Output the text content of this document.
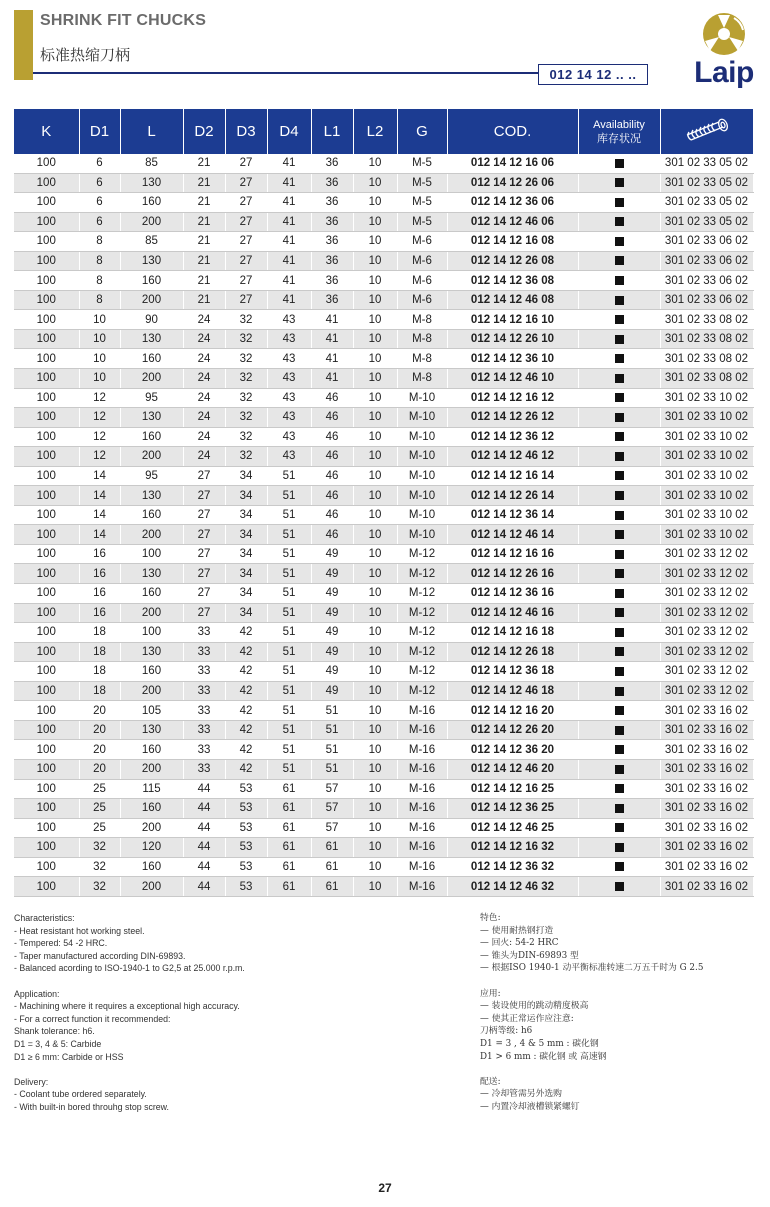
SHRINK FIT CHUCKS
标准热缩刀柄
012 14 12 .. ..	Laip
K	D1	L	D2	D3	D4	L1	L2	G	COD.	Availability
库存状况

100	6	85	21	27	41	36	10	M-5	012 14 12 16 06		301 02 33 05 02
100	6	130	21	27	41	36	10	M-5	012 14 12 26 06		301 02 33 05 02
100	6	160	21	27	41	36	10	M-5	012 14 12 36 06		301 02 33 05 02
100	6	200	21	27	41	36	10	M-5	012 14 12 46 06		301 02 33 05 02
100	8	85	21	27	41	36	10	M-6	012 14 12 16 08		301 02 33 06 02
100	8	130	21	27	41	36	10	M-6	012 14 12 26 08		301 02 33 06 02
100	8	160	21	27	41	36	10	M-6	012 14 12 36 08		301 02 33 06 02
100	8	200	21	27	41	36	10	M-6	012 14 12 46 08		301 02 33 06 02
100	10	90	24	32	43	41	10	M-8	012 14 12 16 10		301 02 33 08 02
100	10	130	24	32	43	41	10	M-8	012 14 12 26 10		301 02 33 08 02
100	10	160	24	32	43	41	10	M-8	012 14 12 36 10		301 02 33 08 02
100	10	200	24	32	43	41	10	M-8	012 14 12 46 10		301 02 33 08 02
100	12	95	24	32	43	46	10	M-10	012 14 12 16 12		301 02 33 10 02
100	12	130	24	32	43	46	10	M-10	012 14 12 26 12		301 02 33 10 02
100	12	160	24	32	43	46	10	M-10	012 14 12 36 12		301 02 33 10 02
100	12	200	24	32	43	46	10	M-10	012 14 12 46 12		301 02 33 10 02
100	14	95	27	34	51	46	10	M-10	012 14 12 16 14		301 02 33 10 02
100	14	130	27	34	51	46	10	M-10	012 14 12 26 14		301 02 33 10 02
100	14	160	27	34	51	46	10	M-10	012 14 12 36 14		301 02 33 10 02
100	14	200	27	34	51	46	10	M-10	012 14 12 46 14		301 02 33 10 02
100	16	100	27	34	51	49	10	M-12	012 14 12 16 16		301 02 33 12 02
100	16	130	27	34	51	49	10	M-12	012 14 12 26 16		301 02 33 12 02
100	16	160	27	34	51	49	10	M-12	012 14 12 36 16		301 02 33 12 02
100	16	200	27	34	51	49	10	M-12	012 14 12 46 16		301 02 33 12 02
100	18	100	33	42	51	49	10	M-12	012 14 12 16 18		301 02 33 12 02
100	18	130	33	42	51	49	10	M-12	012 14 12 26 18		301 02 33 12 02
100	18	160	33	42	51	49	10	M-12	012 14 12 36 18		301 02 33 12 02
100	18	200	33	42	51	49	10	M-12	012 14 12 46 18		301 02 33 12 02
100	20	105	33	42	51	51	10	M-16	012 14 12 16 20		301 02 33 16 02
100	20	130	33	42	51	51	10	M-16	012 14 12 26 20		301 02 33 16 02
100	20	160	33	42	51	51	10	M-16	012 14 12 36 20		301 02 33 16 02
100	20	200	33	42	51	51	10	M-16	012 14 12 46 20		301 02 33 16 02
100	25	115	44	53	61	57	10	M-16	012 14 12 16 25		301 02 33 16 02
100	25	160	44	53	61	57	10	M-16	012 14 12 36 25		301 02 33 16 02
100	25	200	44	53	61	57	10	M-16	012 14 12 46 25		301 02 33 16 02
100	32	120	44	53	61	61	10	M-16	012 14 12 16 32		301 02 33 16 02
100	32	160	44	53	61	61	10	M-16	012 14 12 36 32		301 02 33 16 02
100	32	200	44	53	61	61	10	M-16	012 14 12 46 32		301 02 33 16 02

Characteristics:

- Heat resistant hot working steel.

- Tempered: 54 -2 HRC.

- Taper manufactured according DIN-69893.

- Balanced acording to ISO-1940-1 to G2,5 at 25.000 r.p.m.

Application:

- Machining where it requires a exceptional high accuracy.

- For a correct function it recommended:

Shank tolerance: h6.

D1 = 3, 4 & 5: Carbide

D1 ≥ 6 mm: Carbide or HSS

Delivery:

- Coolant tube ordered separately.

- With built-in bored throuhg stop screw.

特色:

— 使用耐热钢打造

— 回火: 54-2 HRC

— 锥头为DIN-69893 型

— 根据ISO 1940-1 动平衡标准转速二万五千时为 G 2.5

应用:

— 装设使用的跳动精度极高

— 使其正常运作应注意:

刀柄等级: h6

D1 = 3 , 4 & 5 mm : 碳化钢

D1 > 6 mm : 碳化钢 或 高速钢

配送:

— 冷却管需另外选购

— 内置冷却液槽锁紧螺钉

27
